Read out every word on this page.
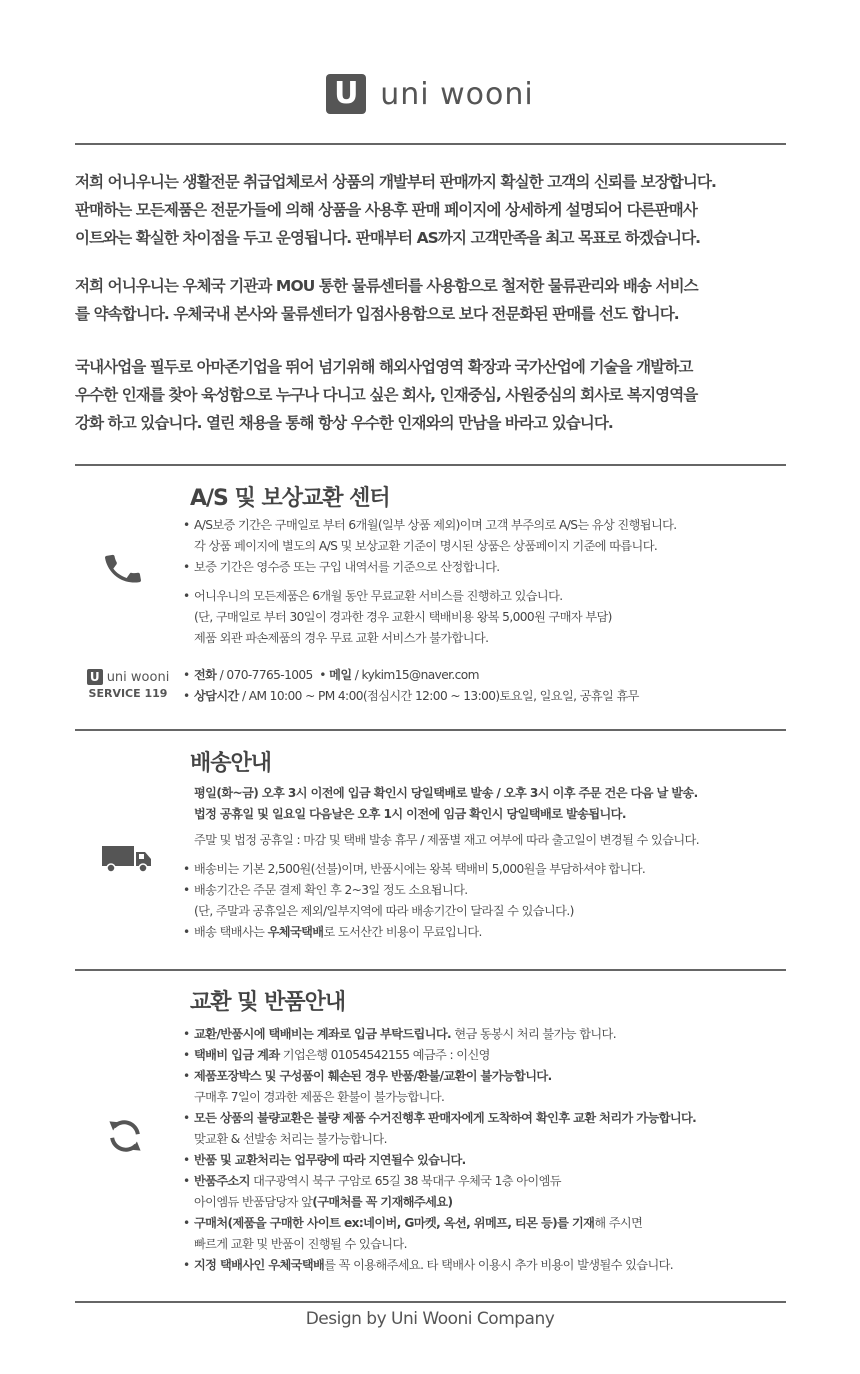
U uni wooni

저희 어니우니는 생활전문 취급업체로서 상품의 개발부터 판매까지 확실한 고객의 신뢰를 보장합니다.

판매하는 모든제품은 전문가들에 의해 상품을 사용후 판매 페이지에 상세하게 설명되어 다른판매사

이트와는 확실한 차이점을 두고 운영됩니다. 판매부터 AS까지 고객만족을 최고 목표로 하겠습니다.

저희 어니우니는 우체국 기관과 MOU 통한 물류센터를 사용함으로 철저한 물류관리와 배송 서비스

를 약속합니다. 우체국내 본사와 물류센터가 입점사용함으로 보다 전문화된 판매를 선도 합니다.

국내사업을 필두로 아마존기업을 뛰어 넘기위해 해외사업영역 확장과 국가산업에 기술을 개발하고

우수한 인재를 찾아 육성함으로 누구나 다니고 싶은 회사, 인재중심, 사원중심의 회사로 복지영역을

강화 하고 있습니다. 열린 채용을 통해 항상 우수한 인재와의 만남을 바라고 있습니다.

A/S 및 보상교환 센터
• A/S보증 기간은 구매일로 부터 6개월(일부 상품 제외)이며 고객 부주의로 A/S는 유상 진행됩니다.
각 상품 페이지에 별도의 A/S 및 보상교환 기준이 명시된 상품은 상품페이지 기준에 따릅니다.
• 보증 기간은 영수증 또는 구입 내역서를 기준으로 산정합니다.
• 어니우니의 모든제품은 6개월 동안 무료교환 서비스를 진행하고 있습니다.
(단, 구매일로 부터 30일이 경과한 경우 교환시 택배비용 왕복 5,000원 구매자 부담)
제품 외관 파손제품의 경우 무료 교환 서비스가 불가합니다.
U uni wooni
SERVICE 119
• 전화 / 070-7765-1005  • 메일 / kykim15@naver.com
• 상담시간 / AM 10:00 ~ PM 4:00(점심시간 12:00 ~ 13:00)토요일, 일요일, 공휴일 휴무
배송안내
평일(화~금) 오후 3시 이전에 입금 확인시 당일택배로 발송 / 오후 3시 이후 주문 건은 다음 날 발송.
법정 공휴일 및 일요일 다음날은 오후 1시 이전에 임금 확인시 당일택배로 발송됩니다.
주말 및 법정 공휴일 : 마감 및 택배 발송 휴무 / 제품별 재고 여부에 따라 출고일이 변경될 수 있습니다.
• 배송비는 기본 2,500원(선불)이며, 반품시에는 왕복 택배비 5,000원을 부담하셔야 합니다.
• 배송기간은 주문 결제 확인 후 2~3일 정도 소요됩니다.
(단, 주말과 공휴일은 제외/일부지역에 따라 배송기간이 달라질 수 있습니다.)
• 배송 택배사는 우체국택배로 도서산간 비용이 무료입니다.
교환 및 반품안내
• 교환/반품시에 택배비는 계좌로 입금 부탁드립니다. 현금 동봉시 처리 불가능 합니다.
• 택배비 입금 계좌 기업은행 01054542155 예금주 : 이신영
• 제품포장박스 및 구성품이 훼손된 경우 반품/환불/교환이 불가능합니다.
구매후 7일이 경과한 제품은 환불이 불가능합니다.
• 모든 상품의 불량교환은 불량 제품 수거진행후 판매자에게 도착하여 확인후 교환 처리가 가능합니다.
맞교환 & 선발송 처리는 불가능합니다.
• 반품 및 교환처리는 업무량에 따라 지연될수 있습니다.
• 반품주소지 대구광역시 북구 구암로 65길 38 북대구 우체국 1층 아이엠듀
아이엠듀 반품담당자 앞(구매처를 꼭 기재해주세요)
• 구매처(제품을 구매한 사이트 ex:네이버, G마켓, 옥션, 위메프, 티몬 등)를 기재해 주시면
빠르게 교환 및 반품이 진행될 수 있습니다.
• 지정 택배사인 우체국택배를 꼭 이용해주세요. 타 택배사 이용시 추가 비용이 발생될수 있습니다.
Design by Uni Wooni Company
